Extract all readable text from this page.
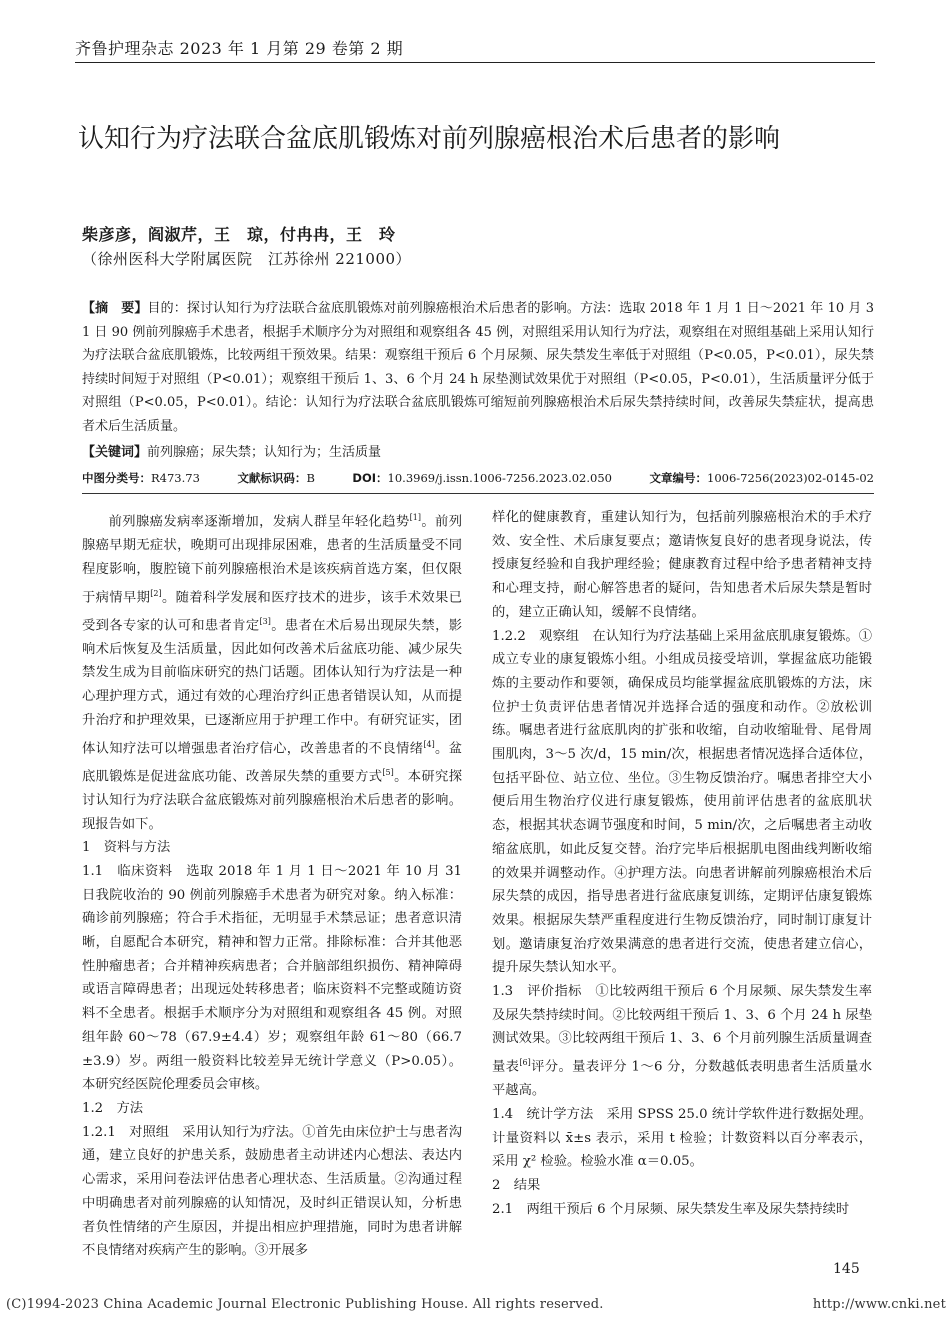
齐鲁护理杂志 2023 年 1 月第 29 卷第 2 期
认知行为疗法联合盆底肌锻炼对前列腺癌根治术后患者的影响
柴彦彦，阎淑芹，王　琼，付冉冉，王　玲
（徐州医科大学附属医院　江苏徐州 221000）
【摘　要】目的：探讨认知行为疗法联合盆底肌锻炼对前列腺癌根治术后患者的影响。方法：选取 2018 年 1 月 1 日～2021 年 10 月 31 日 90 例前列腺癌手术患者，根据手术顺序分为对照组和观察组各 45 例，对照组采用认知行为疗法，观察组在对照组基础上采用认知行为疗法联合盆底肌锻炼，比较两组干预效果。结果：观察组干预后 6 个月尿频、尿失禁发生率低于对照组（P<0.05，P<0.01），尿失禁持续时间短于对照组（P<0.01）；观察组干预后 1、3、6 个月 24 h 尿垫测试效果优于对照组（P<0.05，P<0.01），生活质量评分低于对照组（P<0.05，P<0.01）。结论：认知行为疗法联合盆底肌锻炼可缩短前列腺癌根治术后尿失禁持续时间，改善尿失禁症状，提高患者术后生活质量。
【关键词】前列腺癌；尿失禁；认知行为；生活质量
中图分类号：R473.73	文献标识码：B	DOI：10.3969/j.issn.1006-7256.2023.02.050	文章编号：1006-7256(2023)02-0145-02

前列腺癌发病率逐渐增加，发病人群呈年轻化趋势[1]。前列腺癌早期无症状，晚期可出现排尿困难，患者的生活质量受不同程度影响，腹腔镜下前列腺癌根治术是该疾病首选方案，但仅限于病情早期[2]。随着科学发展和医疗技术的进步，该手术效果已受到各专家的认可和患者肯定[3]。患者在术后易出现尿失禁，影响术后恢复及生活质量，因此如何改善术后盆底功能、减少尿失禁发生成为目前临床研究的热门话题。团体认知行为疗法是一种心理护理方式，通过有效的心理治疗纠正患者错误认知，从而提升治疗和护理效果，已逐渐应用于护理工作中。有研究证实，团体认知疗法可以增强患者治疗信心，改善患者的不良情绪[4]。盆底肌锻炼是促进盆底功能、改善尿失禁的重要方式[5]。本研究探讨认知行为疗法联合盆底锻炼对前列腺癌根治术后患者的影响。现报告如下。

1　资料与方法

1.1　临床资料　选取 2018 年 1 月 1 日～2021 年 10 月 31 日我院收治的 90 例前列腺癌手术患者为研究对象。纳入标准：确诊前列腺癌；符合手术指征，无明显手术禁忌证；患者意识清晰，自愿配合本研究，精神和智力正常。排除标准：合并其他恶性肿瘤患者；合并精神疾病患者；合并脑部组织损伤、精神障碍或语言障碍患者；出现远处转移患者；临床资料不完整或随访资料不全患者。根据手术顺序分为对照组和观察组各 45 例。对照组年龄 60～78（67.9±4.4）岁；观察组年龄 61～80（66.7±3.9）岁。两组一般资料比较差异无统计学意义（P>0.05）。本研究经医院伦理委员会审核。

1.2　方法

1.2.1　对照组　采用认知行为疗法。①首先由床位护士与患者沟通，建立良好的护患关系，鼓励患者主动讲述内心想法、表达内心需求，采用问卷法评估患者心理状态、生活质量。②沟通过程中明确患者对前列腺癌的认知情况，及时纠正错误认知，分析患者负性情绪的产生原因，并提出相应护理措施，同时为患者讲解不良情绪对疾病产生的影响。③开展多

样化的健康教育，重建认知行为，包括前列腺癌根治术的手术疗效、安全性、术后康复要点；邀请恢复良好的患者现身说法，传授康复经验和自我护理经验；健康教育过程中给予患者精神支持和心理支持，耐心解答患者的疑问，告知患者术后尿失禁是暂时的，建立正确认知，缓解不良情绪。

1.2.2　观察组　在认知行为疗法基础上采用盆底肌康复锻炼。①成立专业的康复锻炼小组。小组成员接受培训，掌握盆底功能锻炼的主要动作和要领，确保成员均能掌握盆底肌锻炼的方法，床位护士负责评估患者情况并选择合适的强度和动作。②放松训练。嘱患者进行盆底肌肉的扩张和收缩，自动收缩耻骨、尾骨周围肌肉，3～5 次/d，15 min/次，根据患者情况选择合适体位，包括平卧位、站立位、坐位。③生物反馈治疗。嘱患者排空大小便后用生物治疗仪进行康复锻炼，使用前评估患者的盆底肌状态，根据其状态调节强度和时间，5 min/次，之后嘱患者主动收缩盆底肌，如此反复交替。治疗完毕后根据肌电图曲线判断收缩的效果并调整动作。④护理方法。向患者讲解前列腺癌根治术后尿失禁的成因，指导患者进行盆底康复训练，定期评估康复锻炼效果。根据尿失禁严重程度进行生物反馈治疗，同时制订康复计划。邀请康复治疗效果满意的患者进行交流，使患者建立信心，提升尿失禁认知水平。

1.3　评价指标　①比较两组干预后 6 个月尿频、尿失禁发生率及尿失禁持续时间。②比较两组干预后 1、3、6 个月 24 h 尿垫测试效果。③比较两组干预后 1、3、6 个月前列腺生活质量调查量表[6]评分。量表评分 1～6 分，分数越低表明患者生活质量水平越高。

1.4　统计学方法　采用 SPSS 25.0 统计学软件进行数据处理。计量资料以 x̄±s 表示，采用 t 检验；计数资料以百分率表示，采用 χ² 检验。检验水准 α＝0.05。

2　结果

2.1　两组干预后 6 个月尿频、尿失禁发生率及尿失禁持续时

145
(C)1994-2023 China Academic Journal Electronic Publishing House. All rights reserved.	http://www.cnki.net
